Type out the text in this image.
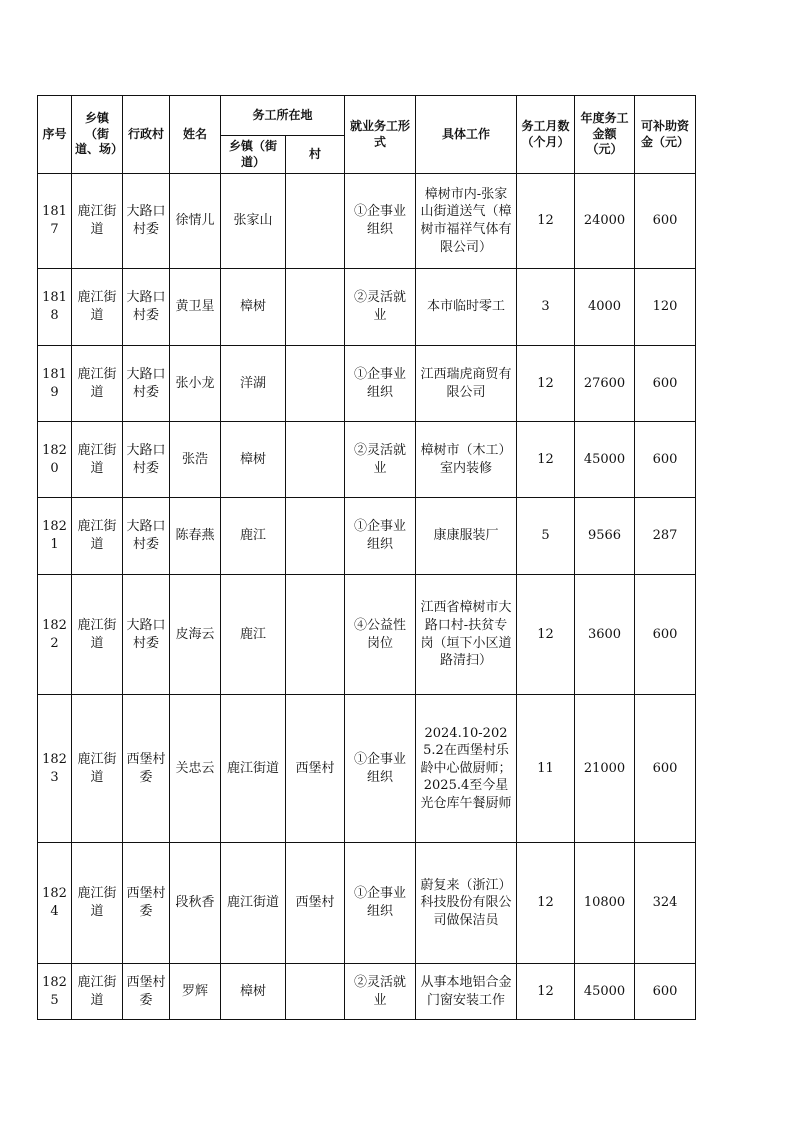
序号	乡镇（街道、场）	行政村	姓名	务工所在地		就业务工形式	具体工作	务工月数（个月）	年度务工金额（元）	可补助资金（元）
				乡镇（街道）	村					
1817	鹿江街道	大路口村委	徐情儿	张家山		①企事业组织	樟树市内-张家山街道送气（樟树市福祥气体有限公司）	12	24000	600
1818	鹿江街道	大路口村委	黄卫星	樟树		②灵活就业	本市临时零工	3	4000	120
1819	鹿江街道	大路口村委	张小龙	洋湖		①企事业组织	江西瑞虎商贸有限公司	12	27600	600
1820	鹿江街道	大路口村委	张浩	樟树		②灵活就业	樟树市（木工）室内装修	12	45000	600
1821	鹿江街道	大路口村委	陈春燕	鹿江		①企事业组织	康康服装厂	5	9566	287
1822	鹿江街道	大路口村委	皮海云	鹿江		④公益性岗位	江西省樟树市大路口村-扶贫专岗（垣下小区道路清扫）	12	3600	600
1823	鹿江街道	西堡村委	关忠云	鹿江街道	西堡村	①企事业组织	2024.10-2025.2在西堡村乐龄中心做厨师；2025.4至今星光仓库午餐厨师	11	21000	600
1824	鹿江街道	西堡村委	段秋香	鹿江街道	西堡村	①企事业组织	蔚复来（浙江）科技股份有限公司做保洁员	12	10800	324
1825	鹿江街道	西堡村委	罗辉	樟树		②灵活就业	从事本地铝合金门窗安装工作	12	45000	600
